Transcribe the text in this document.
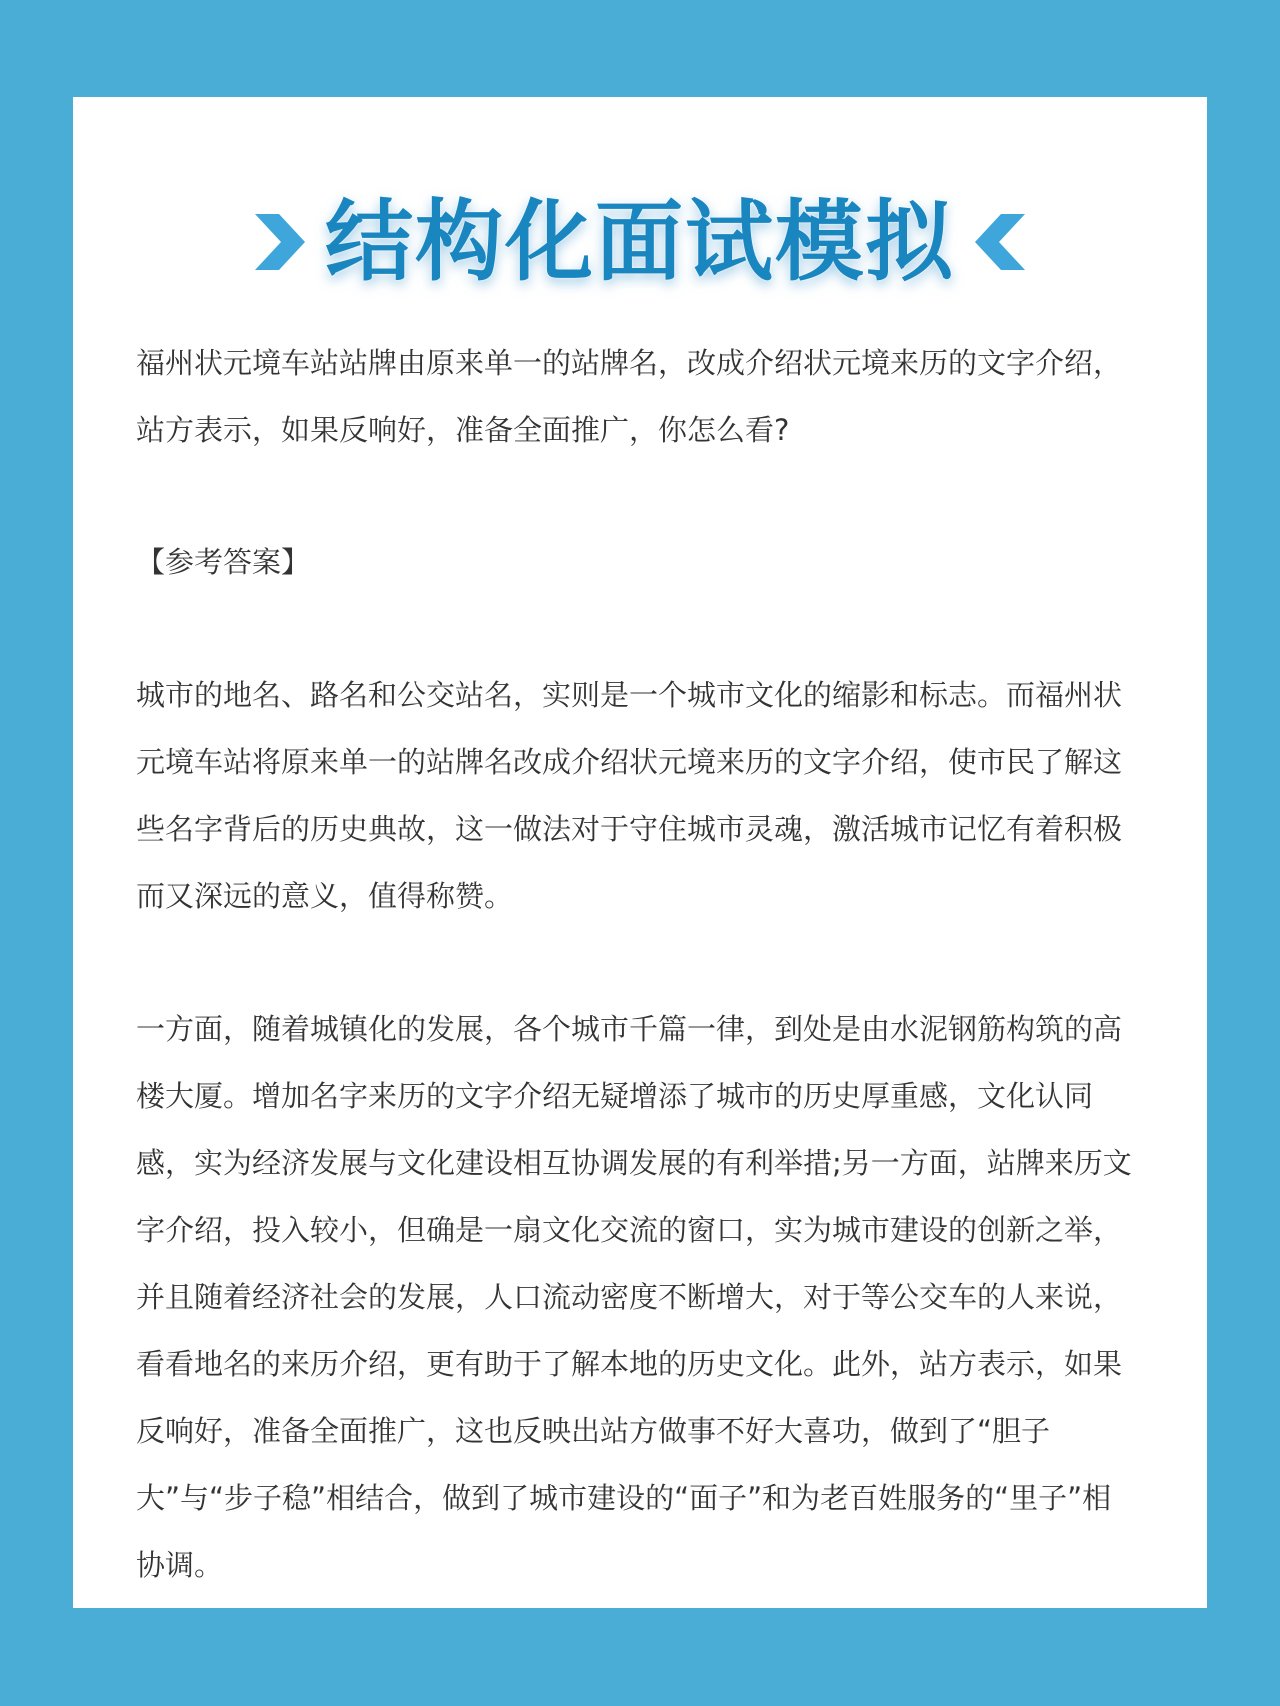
结构化面试模拟

福州状元境车站站牌由原来单一的站牌名，改成介绍状元境来历的文字介绍，站方表示，如果反响好，准备全面推广，你怎么看?

【参考答案】

城市的地名、路名和公交站名，实则是一个城市文化的缩影和标志。而福州状元境车站将原来单一的站牌名改成介绍状元境来历的文字介绍，使市民了解这些名字背后的历史典故，这一做法对于守住城市灵魂，激活城市记忆有着积极而又深远的意义，值得称赞。

一方面，随着城镇化的发展，各个城市千篇一律，到处是由水泥钢筋构筑的高楼大厦。增加名字来历的文字介绍无疑增添了城市的历史厚重感，文化认同感，实为经济发展与文化建设相互协调发展的有利举措;另一方面，站牌来历文字介绍，投入较小，但确是一扇文化交流的窗口，实为城市建设的创新之举，并且随着经济社会的发展，人口流动密度不断增大，对于等公交车的人来说，看看地名的来历介绍，更有助于了解本地的历史文化。此外，站方表示，如果反响好，准备全面推广，这也反映出站方做事不好大喜功，做到了“胆子大”与“步子稳”相结合，做到了城市建设的“面子”和为老百姓服务的“里子”相协调。
